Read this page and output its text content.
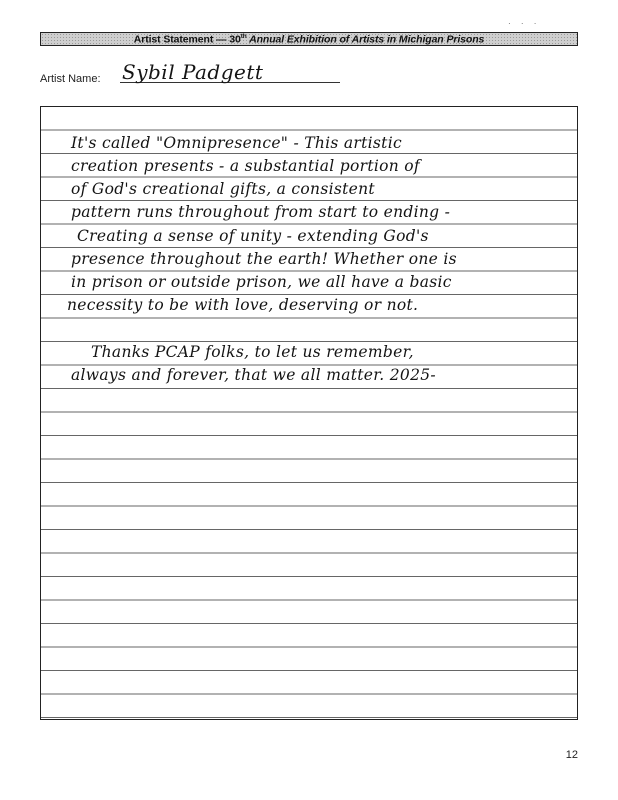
· · ·
Artist Statement — 30th Annual Exhibition of Artists in Michigan Prisons
Artist Name: Sybil Padgett
It's called "Omnipresence" - This artistic
creation presents - a substantial portion of
of God's creational gifts, a consistent
pattern runs throughout from start to ending -
Creating a sense of unity - extending God's
presence throughout the earth! Whether one is
in prison or outside prison, we all have a basic
necessity to be with love, deserving or not.
Thanks PCAP folks, to let us remember,
always and forever, that we all matter. 2025-
12
